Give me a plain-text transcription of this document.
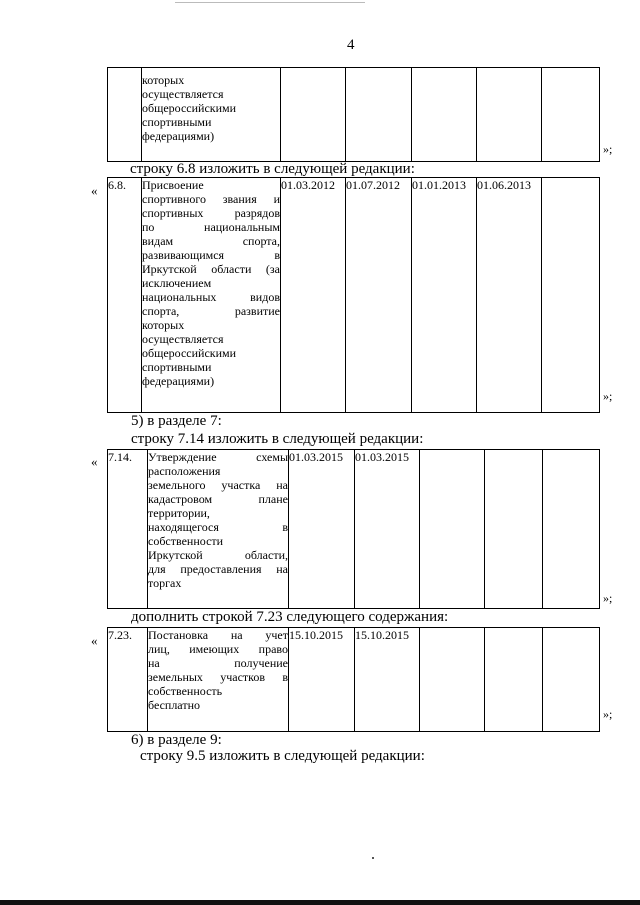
4

которых
осуществляется
общероссийскими
спортивными
федерациями)

»;
строку 6.8 изложить в следующей редакции:
« 6.8.	Присвоение
спортивного звания и
спортивных разрядов
по национальным
видам спорта,
развивающимся в
Иркутской области (за
исключением
национальных видов
спорта, развитие
которых
осуществляется
общероссийскими
спортивными
федерациями)
	01.03.2012	01.07.2012	01.01.2013	01.06.2013	
»;
5) в разделе 7:
строку 7.14 изложить в следующей редакции:
« 7.14.	Утверждение схемы
расположения
земельного участка на
кадастровом плане
территории,
находящегося в
собственности
Иркутской области,
для предоставления на
торгах
	01.03.2015	01.03.2015			
»;
дополнить строкой 7.23 следующего содержания:
« 7.23.	Постановка на учет
лиц, имеющих право
на получение
земельных участков в
собственность
бесплатно
	15.10.2015	15.10.2015			
»;
6) в разделе 9:
строку 9.5 изложить в следующей редакции:
